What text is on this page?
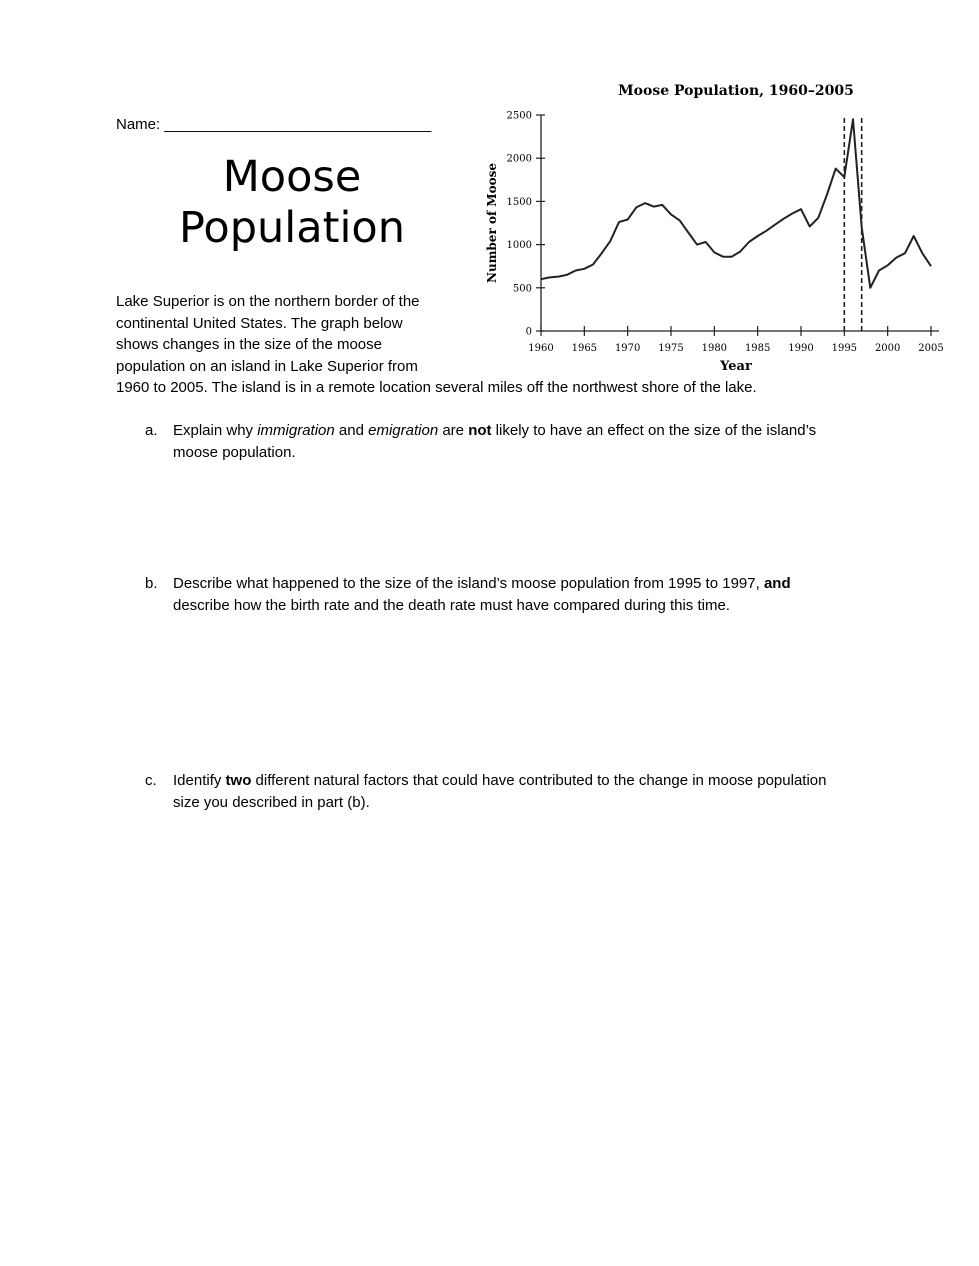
Name: ________________________________
Moose
Population
Lake Superior is on the northern border of the
continental United States. The graph below
shows changes in the size of the moose
population on an island in Lake Superior from
1960 to 2005. The island is in a remote location several miles off the northwest shore of the lake.
a. Explain why immigration and emigration are not likely to have an effect on the size of the island’s moose population.
b. Describe what happened to the size of the island’s moose population from 1995 to 1997, and describe how the birth rate and the death rate must have compared during this time.
c. Identify two different natural factors that could have contributed to the change in moose population size you described in part (b).
Moose Population, 1960–2005
Number of Moose
Year
0
500
1000
1500
2000
2500
1960 1965 1970 1975 1980 1985 1990 1995 2000 2005
